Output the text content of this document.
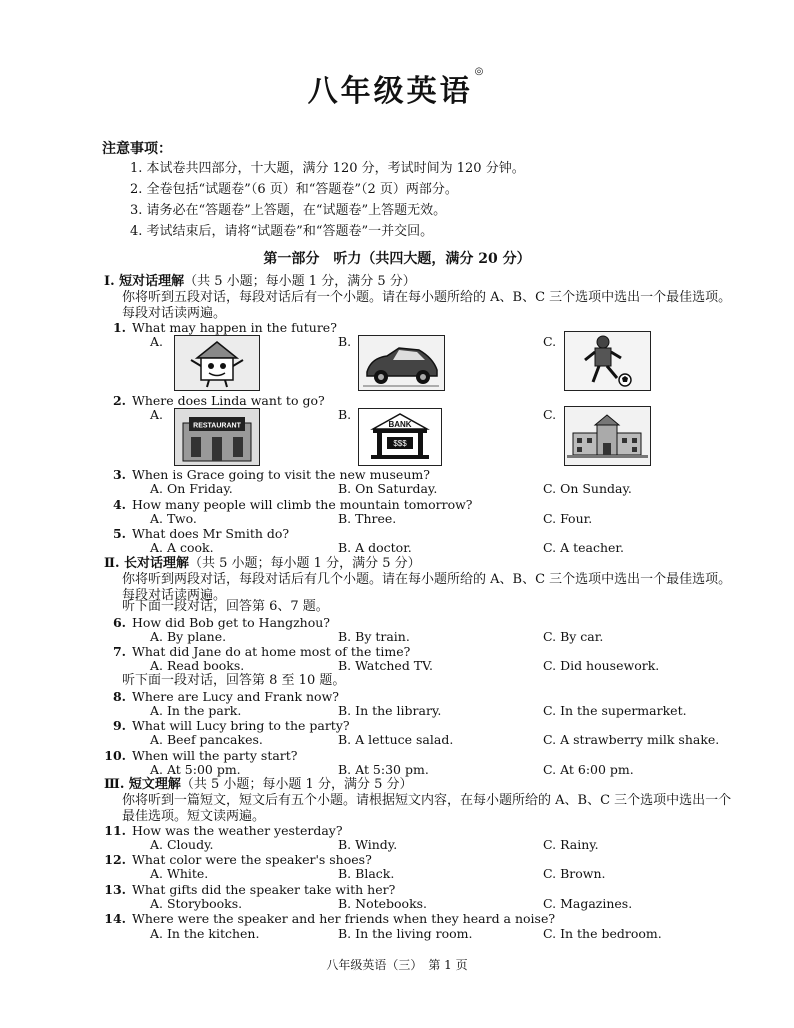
八年级英语◎
注意事项：
1. 本试卷共四部分，十大题，满分 120 分，考试时间为 120 分钟。
2. 全卷包括“试题卷”（6 页）和“答题卷”（2 页）两部分。
3. 请务必在“答题卷”上答题，在“试题卷”上答题无效。
4. 考试结束后，请将“试题卷”和“答题卷”一并交回。
第一部分　听力（共四大题，满分 20 分）
Ⅰ. 短对话理解（共 5 小题；每小题 1 分，满分 5 分）
你将听到五段对话，每段对话后有一个小题。请在每小题所给的 A、B、C 三个选项中选出一个最佳选项。每段对话读两遍。
1. What may happen in the future?
A.	B.	C.
2. Where does Linda want to go?
A.	B.	C.
RESTAURANT	BANK
$$$
3. When is Grace going to visit the new museum?
A. On Friday.	B. On Saturday.	C. On Sunday.
4. How many people will climb the mountain tomorrow?
A. Two.	B. Three.	C. Four.
5. What does Mr Smith do?
A. A cook.	B. A doctor.	C. A teacher.
Ⅱ. 长对话理解（共 5 小题；每小题 1 分，满分 5 分）
你将听到两段对话，每段对话后有几个小题。请在每小题所给的 A、B、C 三个选项中选出一个最佳选项。每段对话读两遍。
听下面一段对话，回答第 6、7 题。
6. How did Bob get to Hangzhou?
A. By plane.	B. By train.	C. By car.
7. What did Jane do at home most of the time?
A. Read books.	B. Watched TV.	C. Did housework.
听下面一段对话，回答第 8 至 10 题。
8. Where are Lucy and Frank now?
A. In the park.	B. In the library.	C. In the supermarket.
9. What will Lucy bring to the party?
A. Beef pancakes.	B. A lettuce salad.	C. A strawberry milk shake.
10. When will the party start?
A. At 5:00 pm.	B. At 5:30 pm.	C. At 6:00 pm.
Ⅲ. 短文理解（共 5 小题；每小题 1 分，满分 5 分）
你将听到一篇短文，短文后有五个小题。请根据短文内容，在每小题所给的 A、B、C 三个选项中选出一个最佳选项。短文读两遍。
11. How was the weather yesterday?
A. Cloudy.	B. Windy.	C. Rainy.
12. What color were the speaker's shoes?
A. White.	B. Black.	C. Brown.
13. What gifts did the speaker take with her?
A. Storybooks.	B. Notebooks.	C. Magazines.
14. Where were the speaker and her friends when they heard a noise?
A. In the kitchen.	B. In the living room.	C. In the bedroom.
八年级英语（三）　第 1 页
